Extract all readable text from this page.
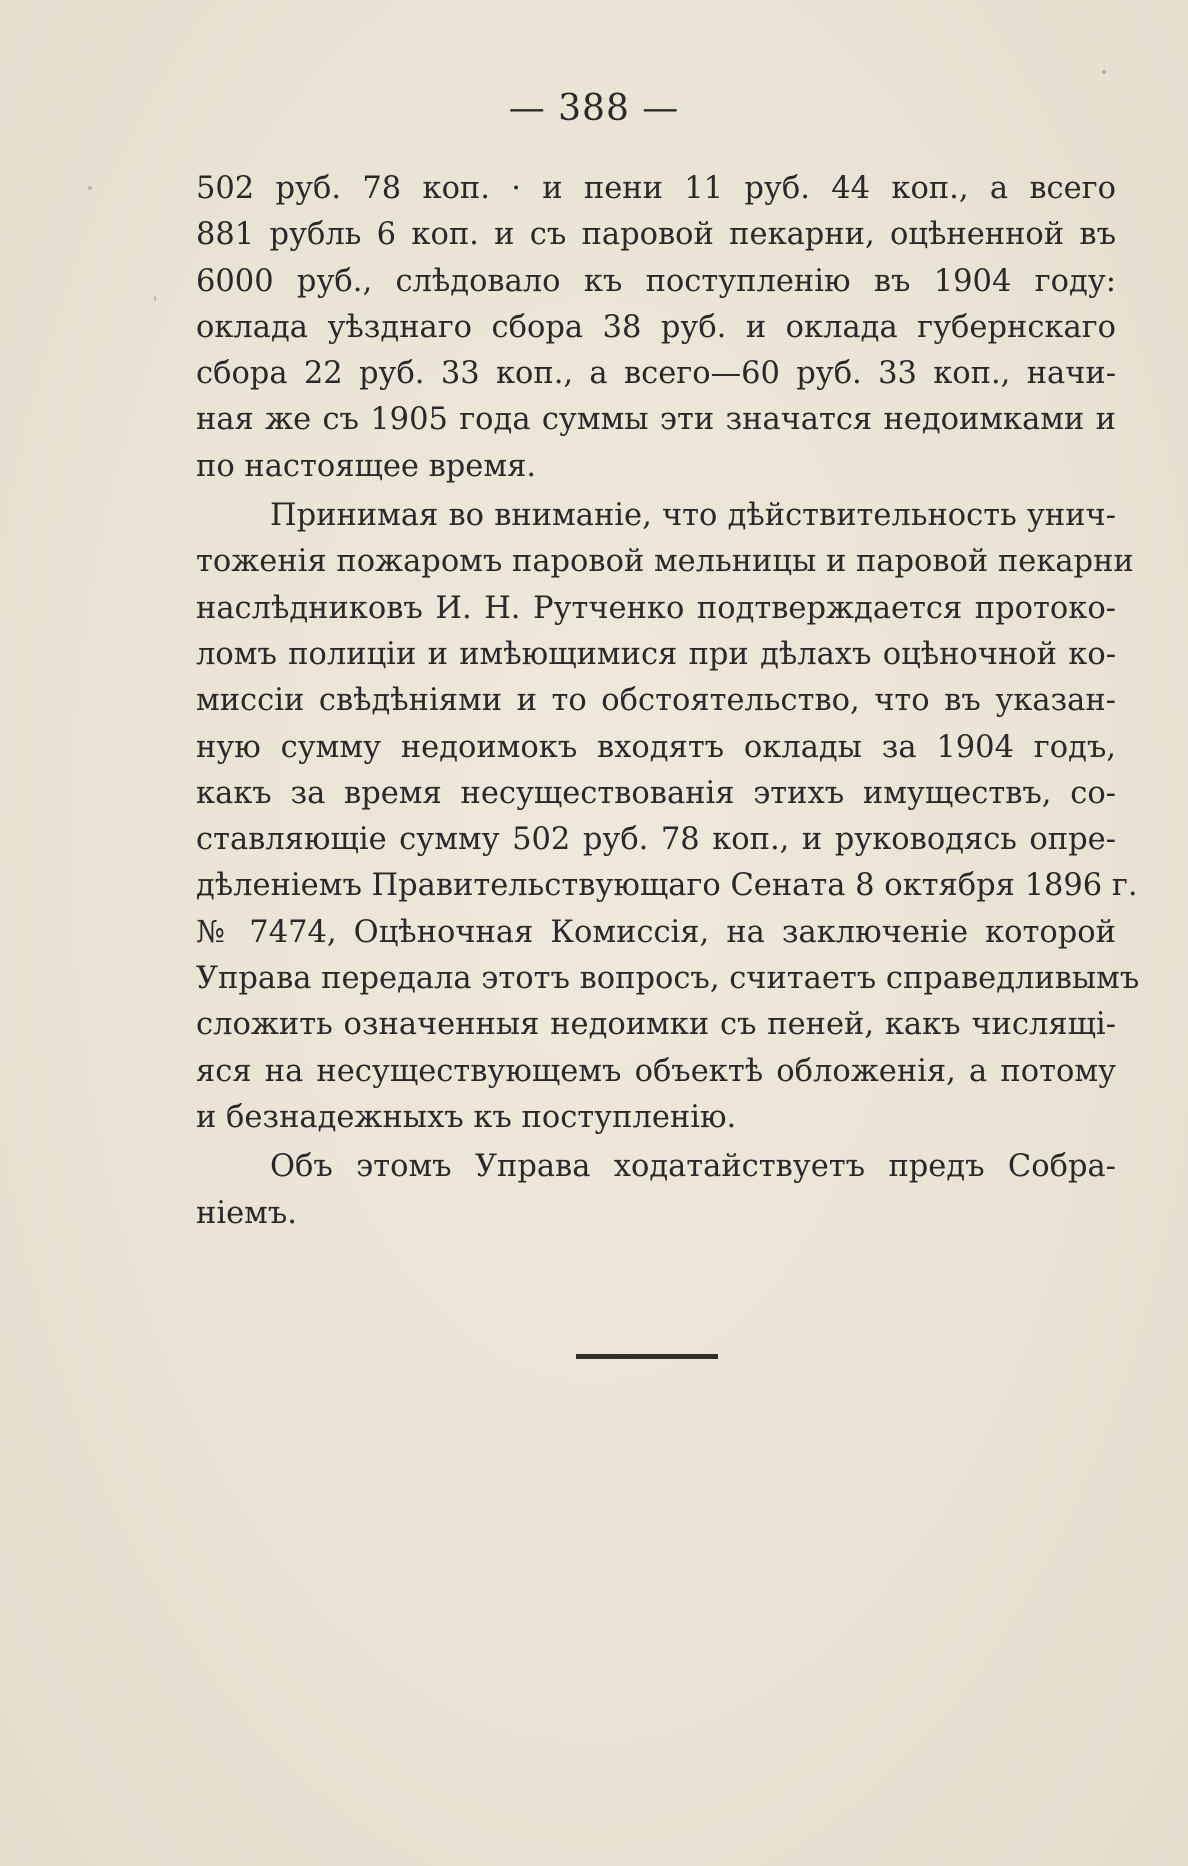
— 388 —
502 руб. 78 коп. · и пени 11 руб. 44 коп., а всего
881 рубль 6 коп. и съ паровой пекарни, оцѣненной въ
6000 руб., слѣдовало къ поступленiю въ 1904 году:
оклада уѣзднаго сбора 38 руб. и оклада губернскаго
сбора 22 руб. 33 коп., а всего—60 руб. 33 коп., начи-
ная же съ 1905 года суммы эти значатся недоимками и
по настоящее время.
Принимая во вниманiе, что дѣйствительность унич-
тоженiя пожаромъ паровой мельницы и паровой пекарни
наслѣдниковъ И. Н. Рутченко подтверждается протоко-
ломъ полицiи и имѣющимися при дѣлахъ оцѣночной ко-
миссiи свѣдѣнiями и то обстоятельство, что въ указан-
ную сумму недоимокъ входятъ оклады за 1904 годъ,
какъ за время несуществованiя этихъ имуществъ, со-
ставляющiе сумму 502 руб. 78 коп., и руководясь опре-
дѣленiемъ Правительствующаго Сената 8 октября 1896 г.
№ 7474, Оцѣночная Комиссiя, на заключенiе которой
Управа передала этотъ вопросъ, считаетъ справедливымъ
сложить означенныя недоимки съ пеней, какъ числящi-
яся на несуществующемъ объектѣ обложенiя, а потому
и безнадежныхъ къ поступленiю.
Объ этомъ Управа ходатайствуетъ предъ Собра-
нiемъ.
